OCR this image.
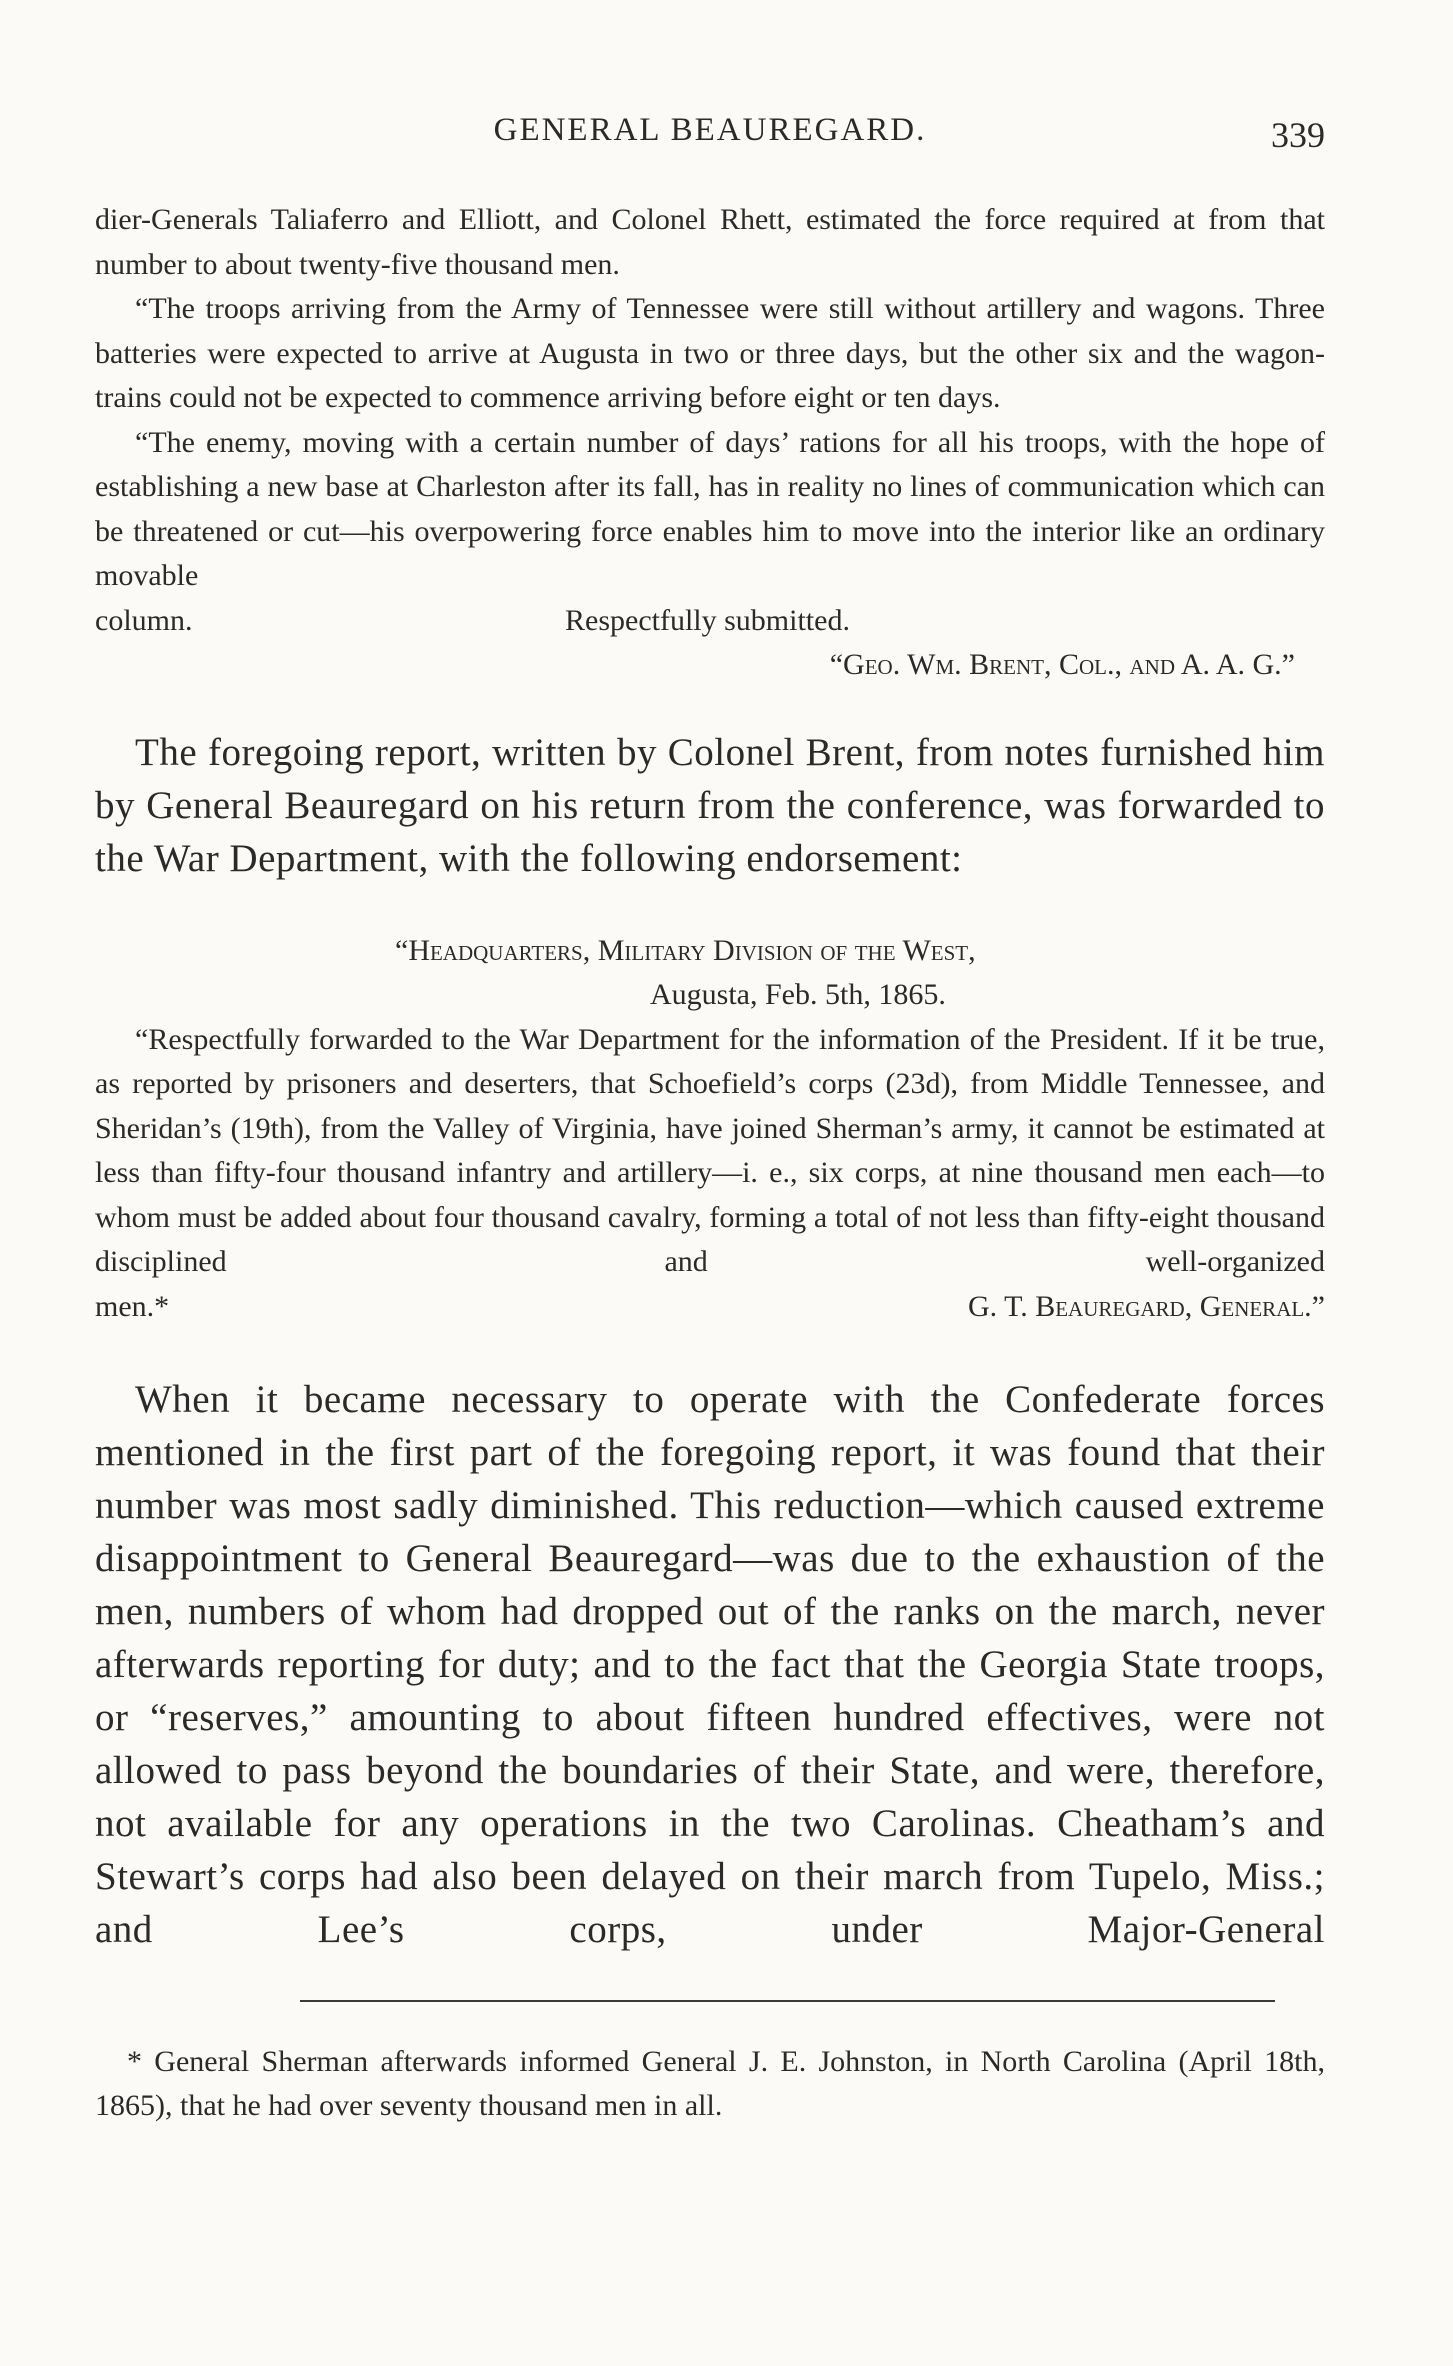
GENERAL BEAUREGARD.	339

dier-Generals Taliaferro and Elliott, and Colonel Rhett, estimated the force required at from that number to about twenty-five thousand men.

“The troops arriving from the Army of Tennessee were still without artillery and wagons. Three batteries were expected to arrive at Augusta in two or three days, but the other six and the wagon-trains could not be expected to commence arriving before eight or ten days.

“The enemy, moving with a certain number of days’ rations for all his troops, with the hope of establishing a new base at Charleston after its fall, has in reality no lines of communication which can be threatened or cut—his overpowering force enables him to move into the interior like an ordinary movable

column.	Respectfully submitted.
“Geo. Wm. Brent, Col., and A. A. G.”

The foregoing report, written by Colonel Brent, from notes furnished him by General Beauregard on his return from the conference, was forwarded to the War Department, with the following endorsement:

“Headquarters, Military Division of the West,
Augusta, Feb. 5th, 1865.

“Respectfully forwarded to the War Department for the information of the President. If it be true, as reported by prisoners and deserters, that Schoefield’s corps (23d), from Middle Tennessee, and Sheridan’s (19th), from the Valley of Virginia, have joined Sherman’s army, it cannot be estimated at less than fifty-four thousand infantry and artillery—i. e., six corps, at nine thousand men each—to whom must be added about four thousand cavalry, forming a total of not less than fifty-eight thousand disciplined and well-organized

men.*	G. T. Beauregard, General.”

When it became necessary to operate with the Confederate forces mentioned in the first part of the foregoing report, it was found that their number was most sadly diminished. This reduction—which caused extreme disappointment to General Beauregard—was due to the exhaustion of the men, numbers of whom had dropped out of the ranks on the march, never afterwards reporting for duty; and to the fact that the Georgia State troops, or “reserves,” amounting to about fifteen hundred effectives, were not allowed to pass beyond the boundaries of their State, and were, therefore, not available for any operations in the two Carolinas. Cheatham’s and Stewart’s corps had also been delayed on their march from Tupelo, Miss.; and Lee’s corps, under Major-General

* General Sherman afterwards informed General J. E. Johnston, in North Carolina (April 18th, 1865), that he had over seventy thousand men in all.
